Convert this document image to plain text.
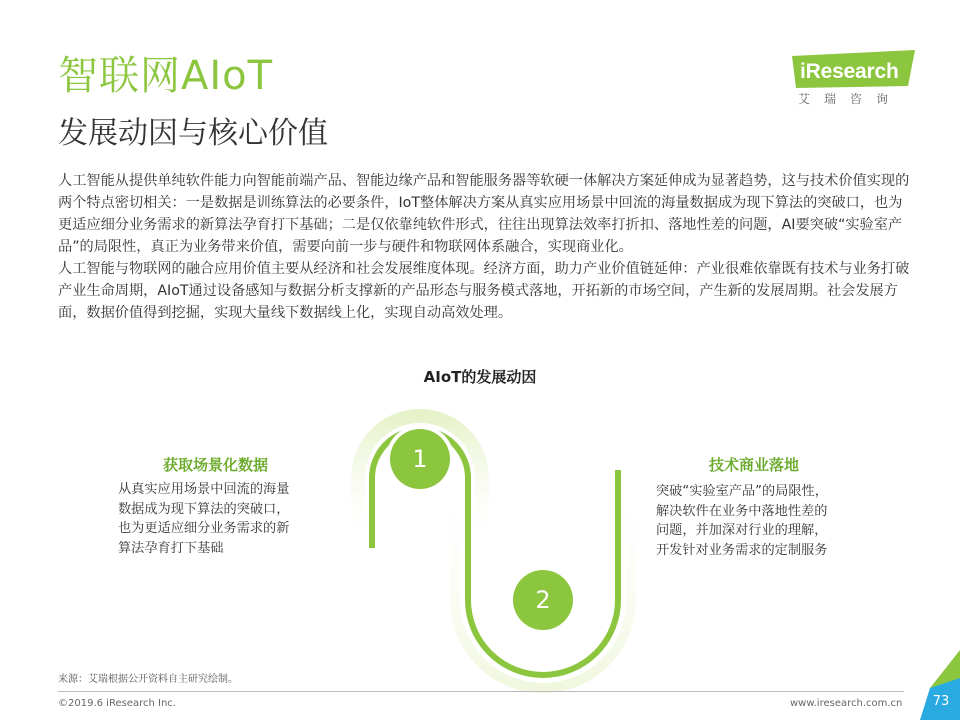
智联网AIoT
发展动因与核心价值
iResearch
艾瑞咨询

人工智能从提供单纯软件能力向智能前端产品、智能边缘产品和智能服务器等软硬一体解决方案延伸成为显著趋势，这与技术价值实现的两个特点密切相关：一是数据是训练算法的必要条件，IoT整体解决方案从真实应用场景中回流的海量数据成为现下算法的突破口，也为更适应细分业务需求的新算法孕育打下基础；二是仅依靠纯软件形式，往往出现算法效率打折扣、落地性差的问题，AI要突破“实验室产品”的局限性，真正为业务带来价值，需要向前一步与硬件和物联网体系融合，实现商业化。

人工智能与物联网的融合应用价值主要从经济和社会发展维度体现。经济方面，助力产业价值链延伸：产业很难依靠既有技术与业务打破产业生命周期，AIoT通过设备感知与数据分析支撑新的产品形态与服务模式落地，开拓新的市场空间，产生新的发展周期。社会发展方面，数据价值得到挖掘，实现大量线下数据线上化，实现自动高效处理。

AIoT的发展动因
1
2
获取场景化数据
从真实应用场景中回流的海量
数据成为现下算法的突破口，
也为更适应细分业务需求的新
算法孕育打下基础
技术商业落地
突破“实验室产品”的局限性，
解决软件在业务中落地性差的
问题，并加深对行业的理解，
开发针对业务需求的定制服务
来源：艾瑞根据公开资料自主研究绘制。
©2019.6 iResearch Inc.	www.iresearch.com.cn	73
